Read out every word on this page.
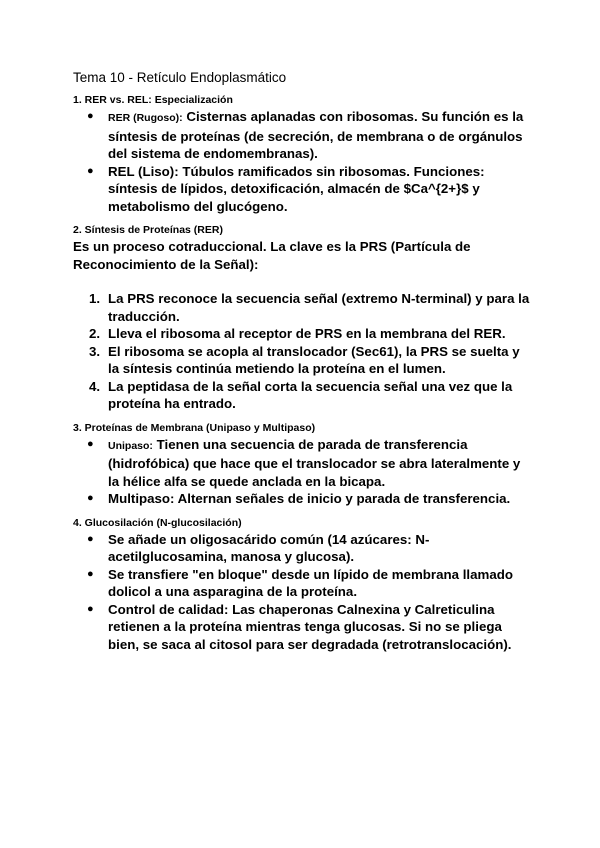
Tema 10 - Retículo Endoplasmático
1. RER vs. REL: Especialización
● RER (Rugoso): Cisternas aplanadas con ribosomas. Su función es la síntesis de proteínas (de secreción, de membrana o de orgánulos del sistema de endomembranas).
● REL (Liso): Túbulos ramificados sin ribosomas. Funciones: síntesis de lípidos, detoxificación, almacén de $Ca^{2+}$ y metabolismo del glucógeno.
2. Síntesis de Proteínas (RER)
Es un proceso cotraduccional. La clave es la PRS (Partícula de Reconocimiento de la Señal):
1. La PRS reconoce la secuencia señal (extremo N-terminal) y para la traducción.
2. Lleva el ribosoma al receptor de PRS en la membrana del RER.
3. El ribosoma se acopla al translocador (Sec61), la PRS se suelta y la síntesis continúa metiendo la proteína en el lumen.
4. La peptidasa de la señal corta la secuencia señal una vez que la proteína ha entrado.
3. Proteínas de Membrana (Unipaso y Multipaso)
● Unipaso: Tienen una secuencia de parada de transferencia (hidrofóbica) que hace que el translocador se abra lateralmente y la hélice alfa se quede anclada en la bicapa.
● Multipaso: Alternan señales de inicio y parada de transferencia.
4. Glucosilación (N-glucosilación)
● Se añade un oligosacárido común (14 azúcares: N-acetilglucosamina, manosa y glucosa).
● Se transfiere "en bloque" desde un lípido de membrana llamado dolicol a una asparagina de la proteína.
● Control de calidad: Las chaperonas Calnexina y Calreticulina retienen a la proteína mientras tenga glucosas. Si no se pliega bien, se saca al citosol para ser degradada (retrotranslocación).
